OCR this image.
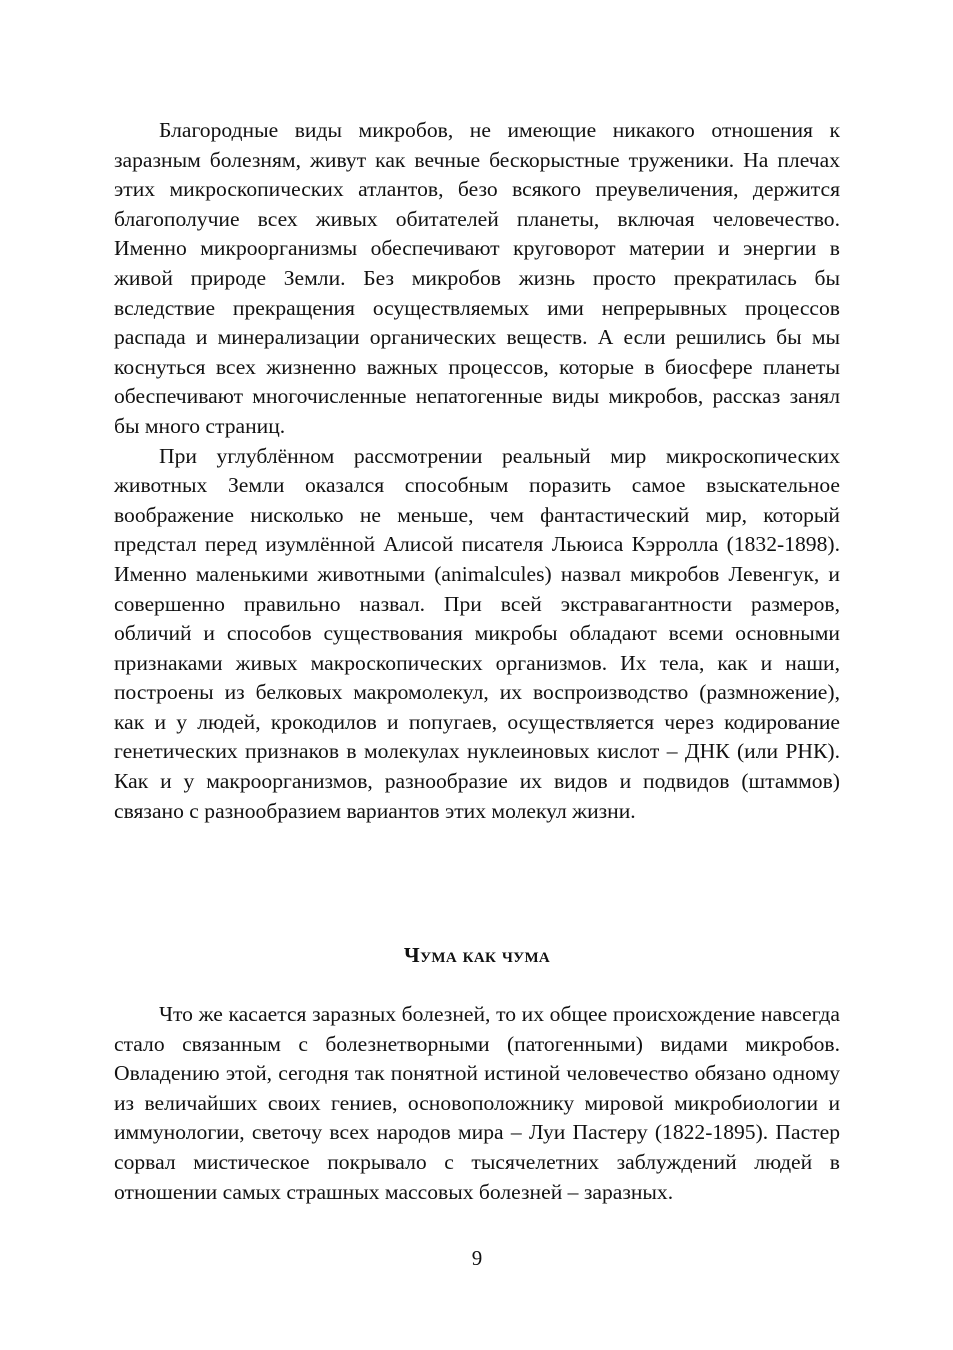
Благородные виды микробов, не имеющие никакого отношения к заразным болезням, живут как вечные бескорыстные труженики. На плечах этих микроскопических атлантов, безо всякого преувеличения, держится благополучие всех живых обитателей планеты, включая человечество. Именно микроорганизмы обеспечивают круговорот материи и энергии в живой природе Земли. Без микробов жизнь просто прекратилась бы вследствие прекращения осуществляемых ими непрерывных процессов распада и минерализации органических веществ. А если решились бы мы коснуться всех жизненно важных процессов, которые в биосфере планеты обеспечивают многочисленные непатогенные виды микробов, рассказ занял бы много страниц.

При углублённом рассмотрении реальный мир микроскопических животных Земли оказался способным поразить самое взыскательное воображение нисколько не меньше, чем фантастический мир, который предстал перед изумлённой Алисой писателя Льюиса Кэрролла (1832-1898). Именно маленькими животными (animalcules) назвал микробов Левенгук, и совершенно правильно назвал. При всей экстравагантности размеров, обличий и способов существования микробы обладают всеми основными признаками живых макроскопических организмов. Их тела, как и наши, построены из белковых макромолекул, их воспроизводство (размножение), как и у людей, крокодилов и попугаев, осуществляется через кодирование генетических признаков в молекулах нуклеиновых кислот – ДНК (или РНК). Как и у макроорганизмов, разнообразие их видов и подвидов (штаммов) связано с разнообразием вариантов этих молекул жизни.

Чума как чума

Что же касается заразных болезней, то их общее происхождение навсегда стало связанным с болезнетворными (патогенными) видами микробов. Овладению этой, сегодня так понятной истиной человечество обязано одному из величайших своих гениев, основоположнику мировой микробиологии и иммунологии, светочу всех народов мира – Луи Пастеру (1822-1895). Пастер сорвал мистическое покрывало с тысячелетних заблуждений людей в отношении самых страшных массовых болезней – заразных.

9
